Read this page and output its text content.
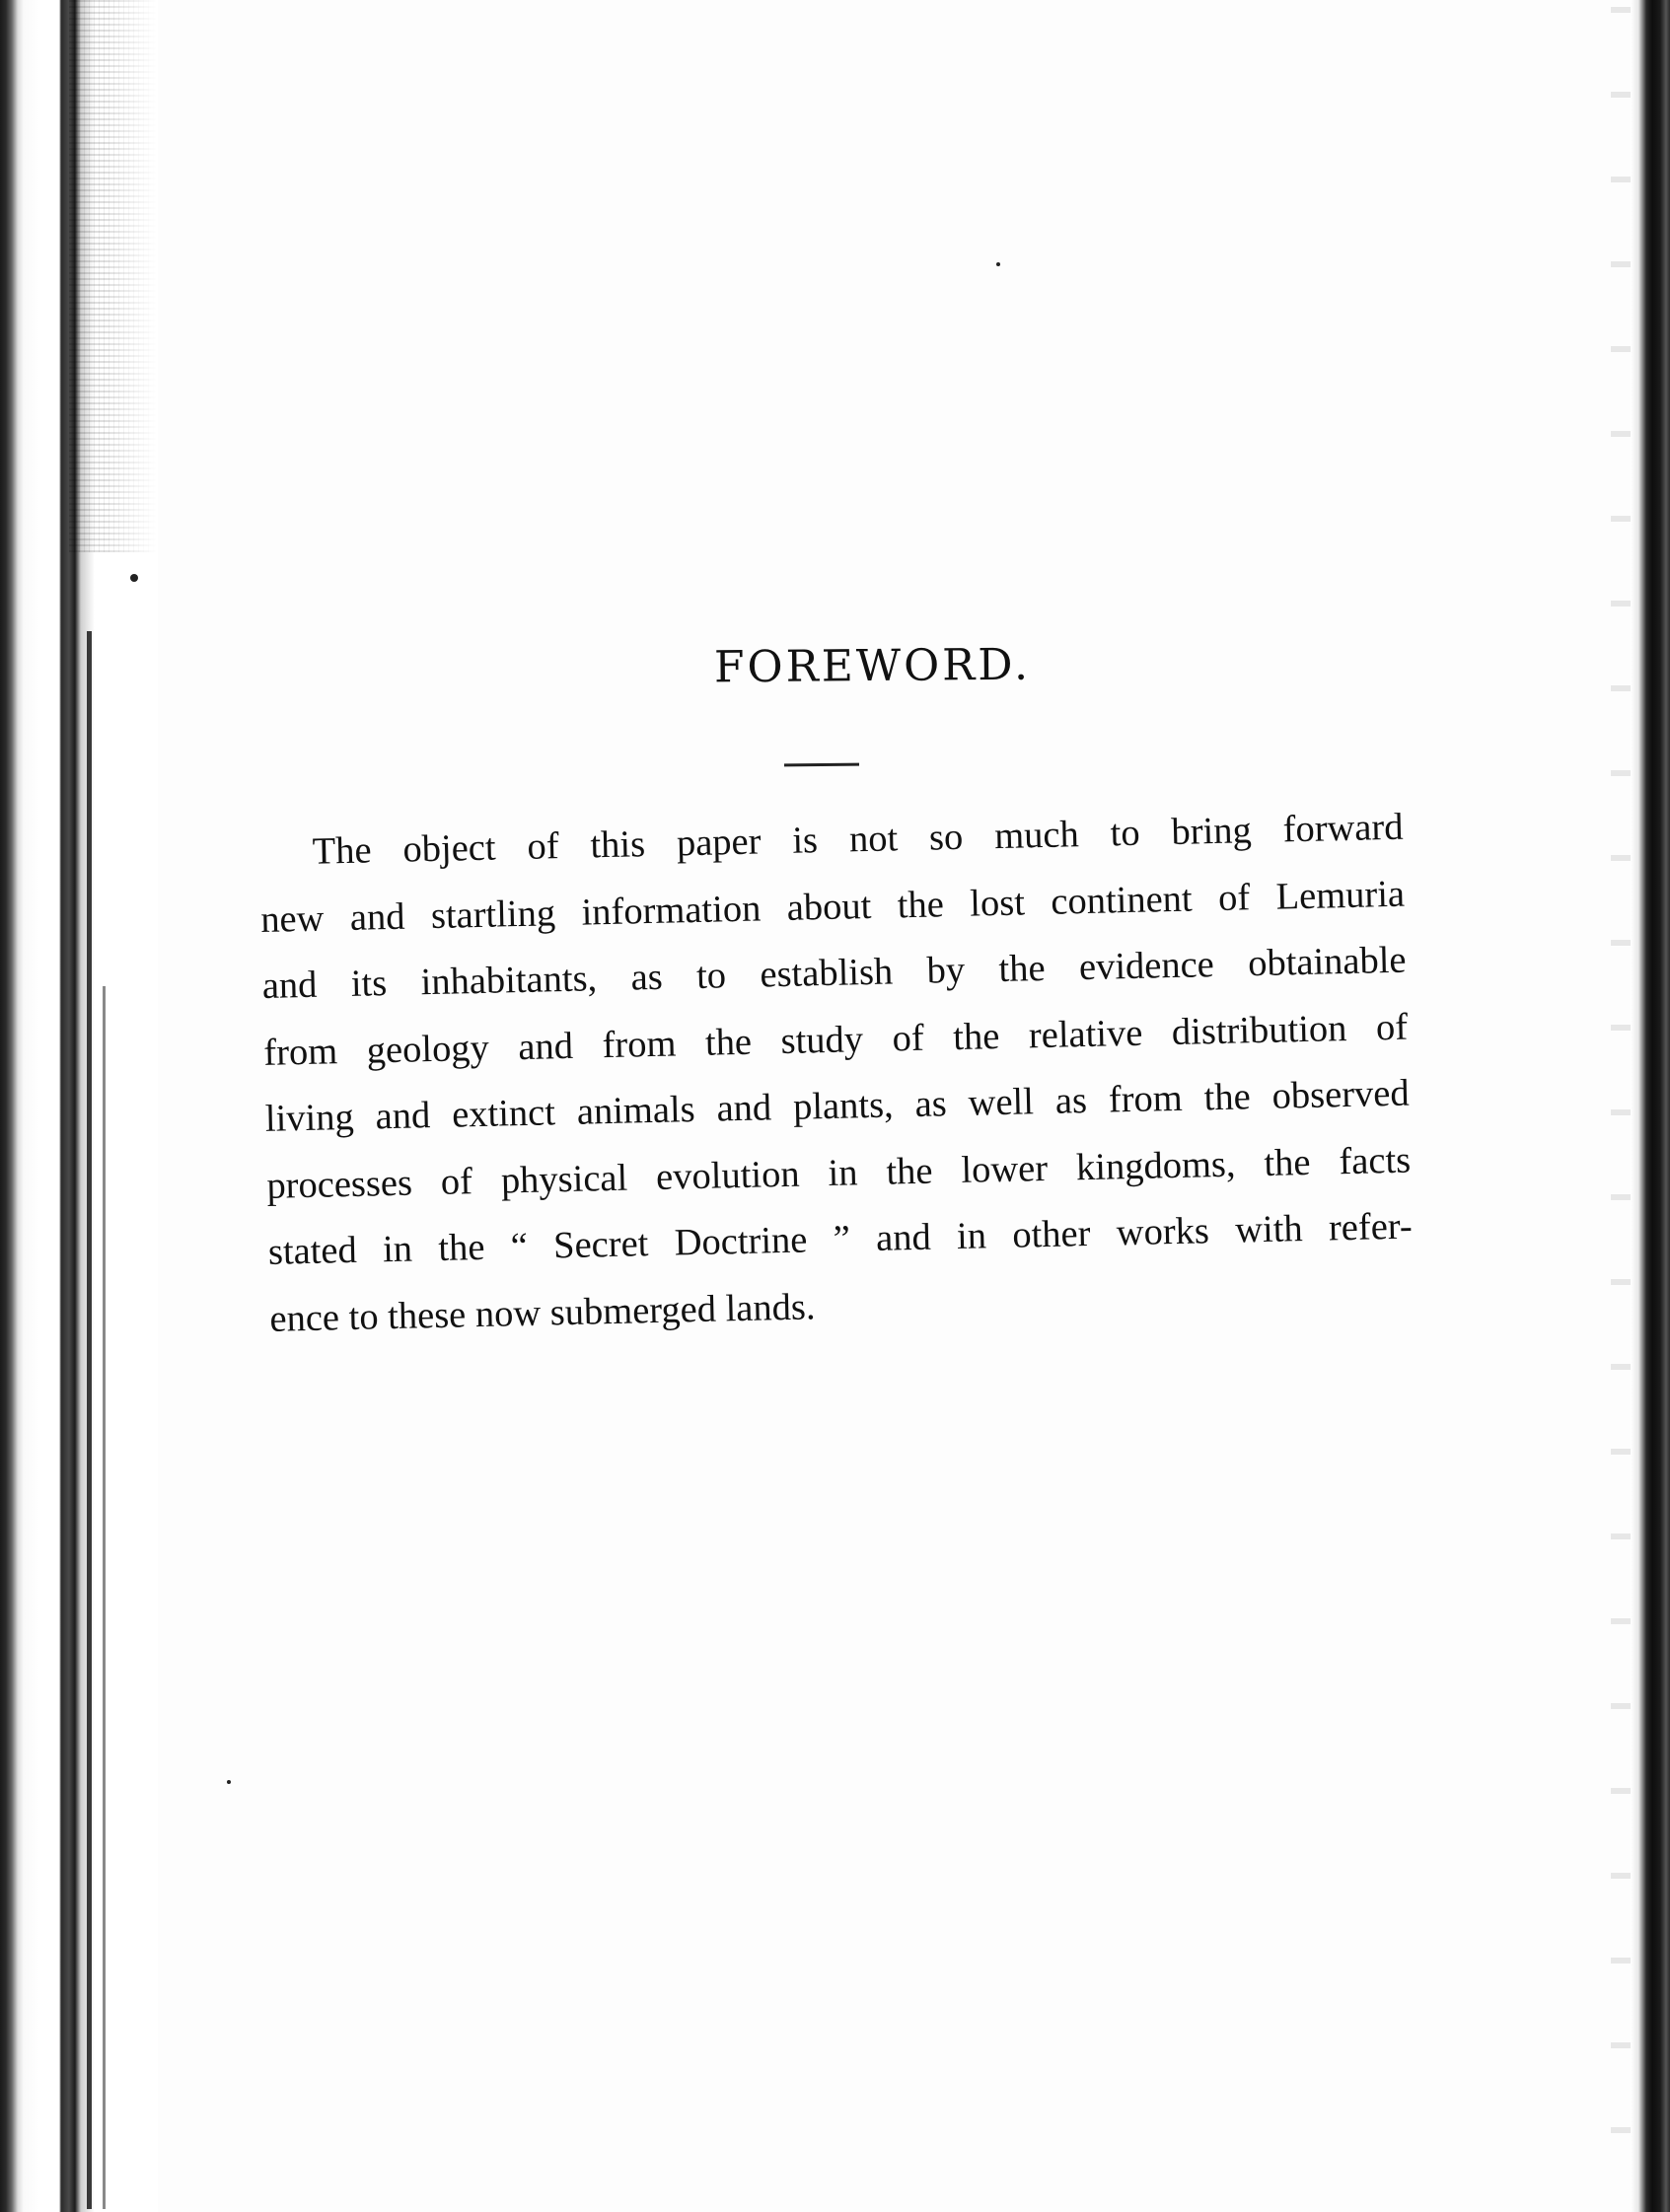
FOREWORD.
The object of this paper is not so much to bring forward
new and startling information about the lost continent of Lemuria
and its inhabitants, as to establish by the evidence obtainable
from geology and from the study of the relative distribution of
living and extinct animals and plants, as well as from the observed
processes of physical evolution in the lower kingdoms, the facts
stated in the “ Secret Doctrine ” and in other works with refer-
ence to these now submerged lands.
